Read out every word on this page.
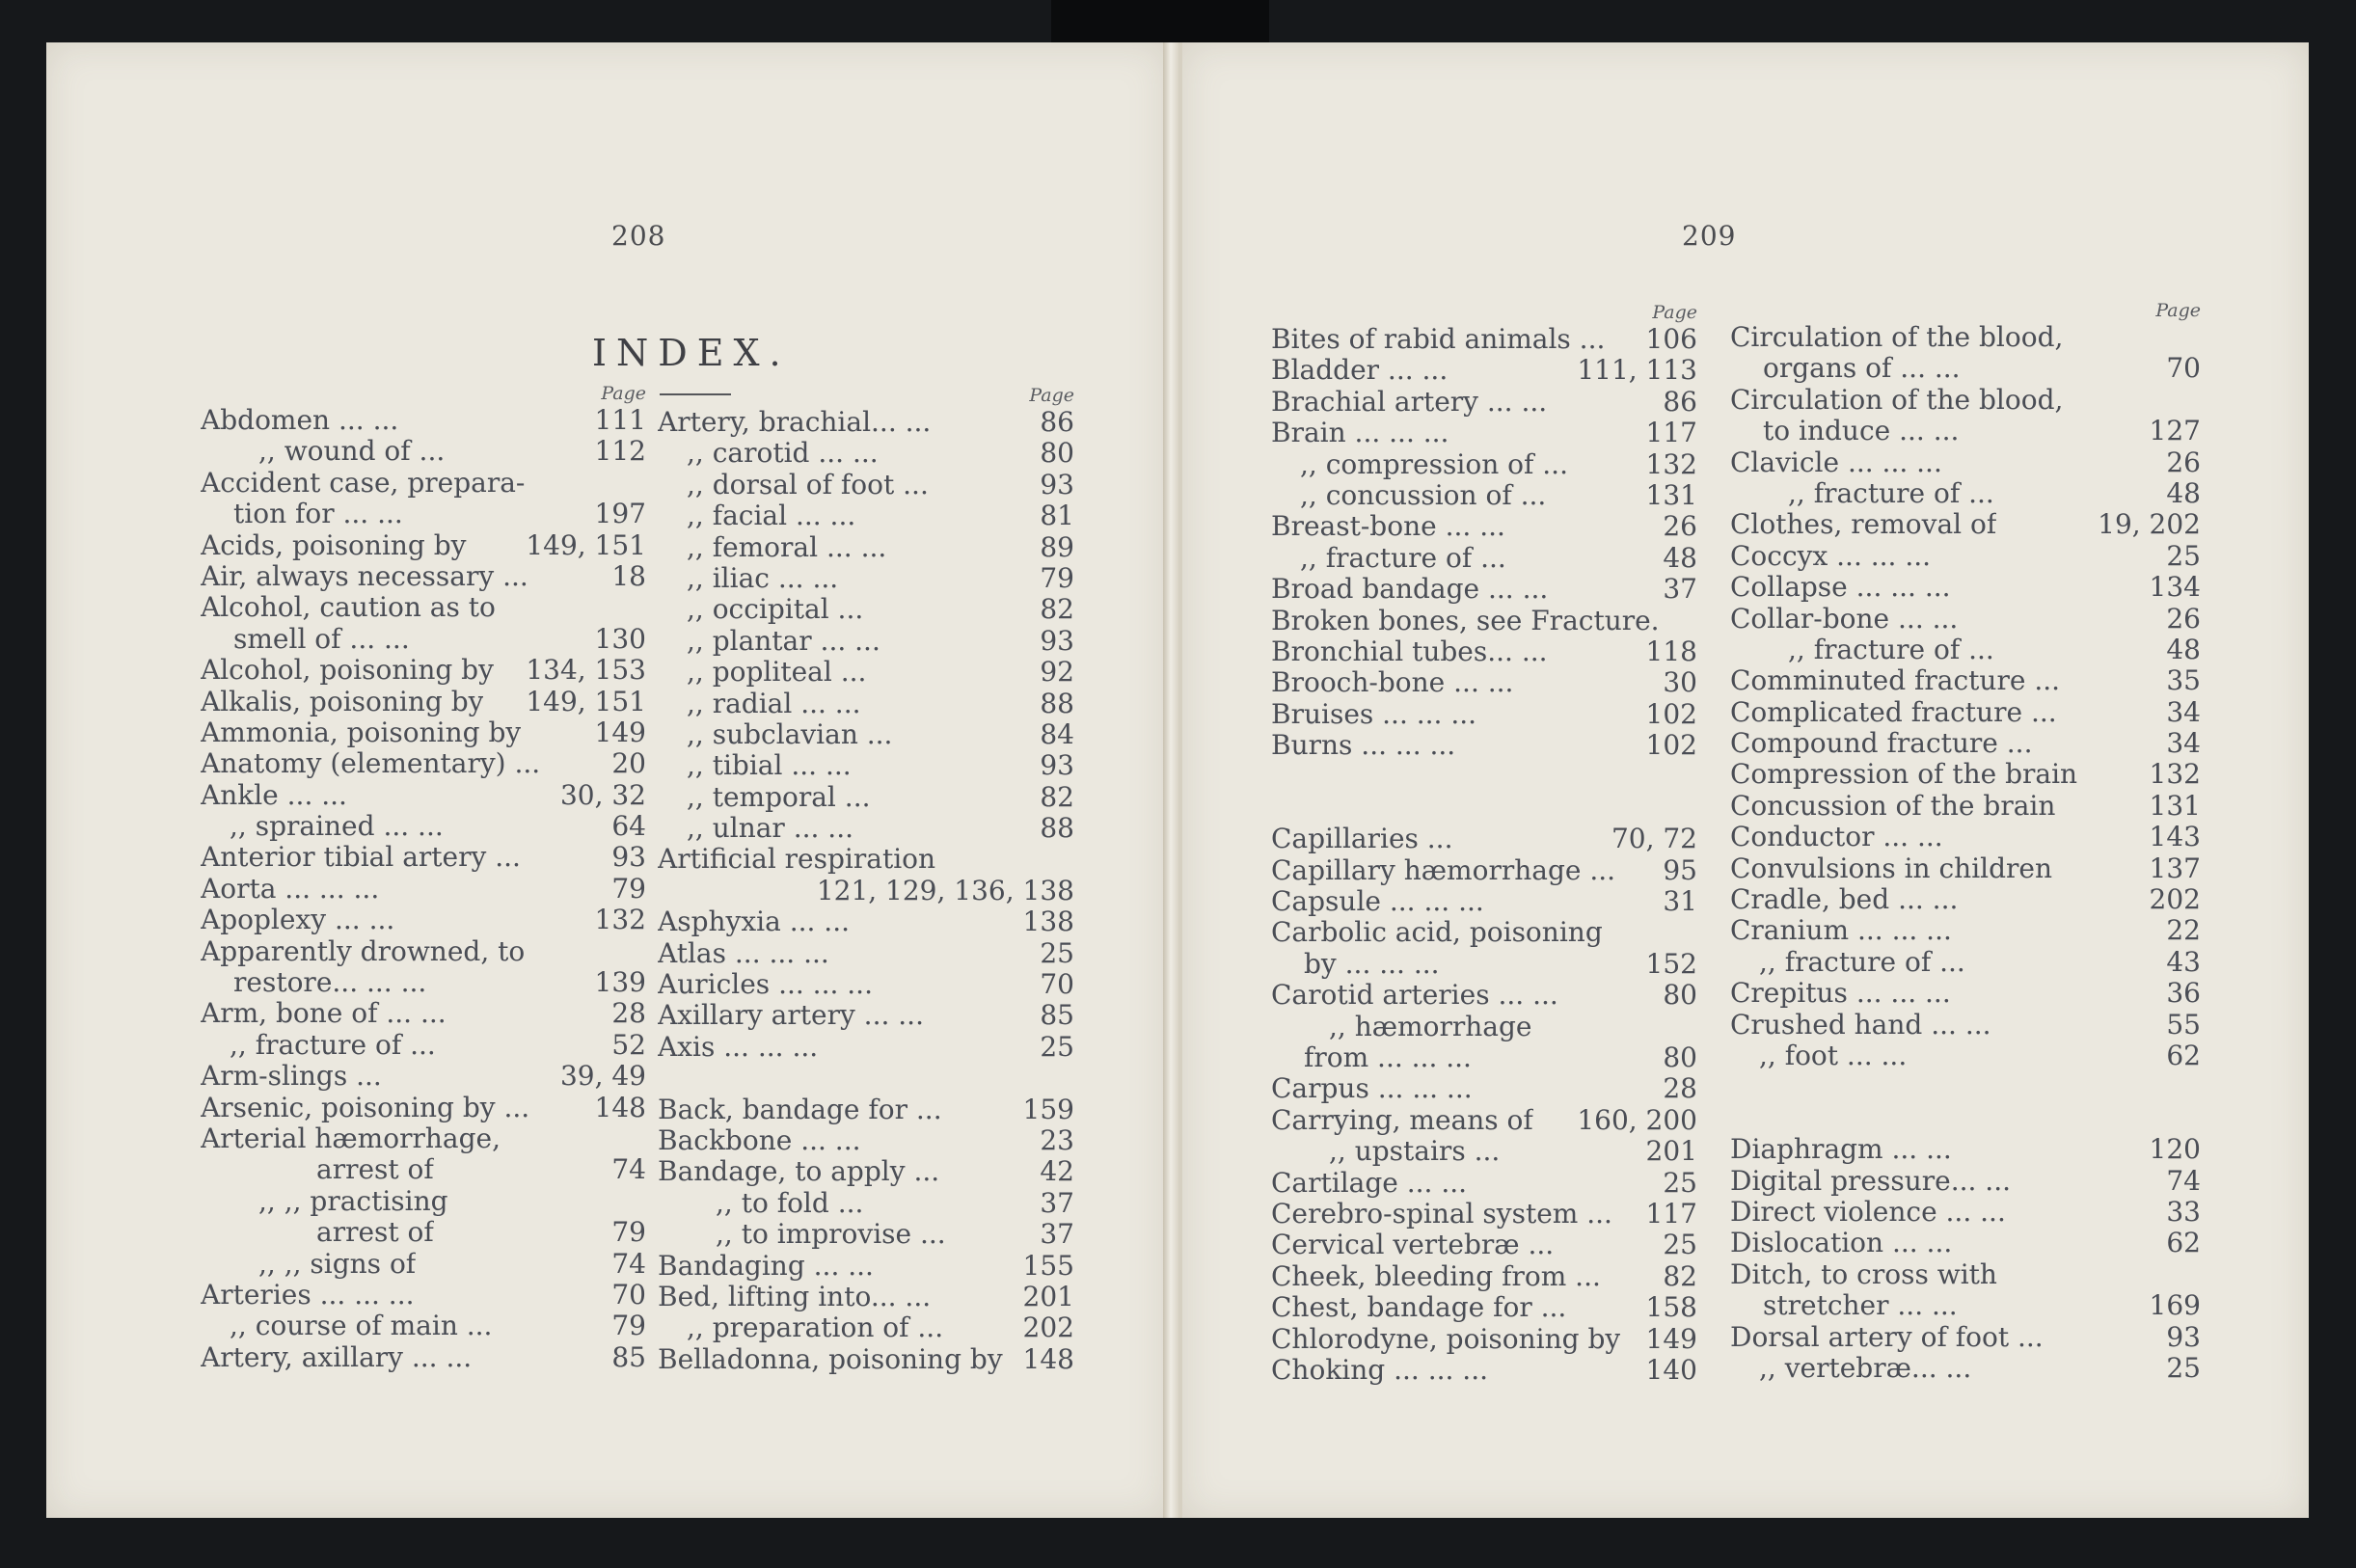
208
INDEX.
Page
Abdomen ... ...	111
,, wound of ...	112
Accident case, prepara-
tion for ... ...	197
Acids, poisoning by	149, 151
Air, always necessary ...	18
Alcohol, caution as to
smell of ... ...	130
Alcohol, poisoning by	134, 153
Alkalis, poisoning by	149, 151
Ammonia, poisoning by	149
Anatomy (elementary) ...	20
Ankle ... ...	30, 32
,, sprained ... ...	64
Anterior tibial artery ...	93
Aorta ... ... ...	79
Apoplexy ... ...	132
Apparently drowned, to
restore... ... ...	139
Arm, bone of ... ...	28
,, fracture of ...	52
Arm-slings ...	39, 49
Arsenic, poisoning by ...	148
Arterial hæmorrhage,
arrest of	74
,, ,, practising
arrest of	79
,, ,, signs of	74
Arteries ... ... ...	70
,, course of main ...	79
Artery, axillary ... ...	85
Page
Artery, brachial... ...	86
,, carotid ... ...	80
,, dorsal of foot ...	93
,, facial ... ...	81
,, femoral ... ...	89
,, iliac ... ...	79
,, occipital ...	82
,, plantar ... ...	93
,, popliteal ...	92
,, radial ... ...	88
,, subclavian ...	84
,, tibial ... ...	93
,, temporal ...	82
,, ulnar ... ...	88
Artificial respiration
121, 129, 136, 138
Asphyxia ... ...	138
Atlas ... ... ...	25
Auricles ... ... ...	70
Axillary artery ... ...	85
Axis ... ... ...	25
Back, bandage for ...	159
Backbone ... ...	23
Bandage, to apply ...	42
,, to fold ...	37
,, to improvise ...	37
Bandaging ... ...	155
Bed, lifting into... ...	201
,, preparation of ...	202
Belladonna, poisoning by 148
209
Page
Bites of rabid animals ...	106
Bladder ... ...	111, 113
Brachial artery ... ...	86
Brain ... ... ...	117
,, compression of ...	132
,, concussion of ...	131
Breast-bone ... ...	26
,, fracture of ...	48
Broad bandage ... ...	37
Broken bones, see Fracture.
Bronchial tubes... ...	118
Brooch-bone ... ...	30
Bruises ... ... ...	102
Burns ... ... ...	102
Capillaries ...	70, 72
Capillary hæmorrhage ...	95
Capsule ... ... ...	31
Carbolic acid, poisoning
by ... ... ...	152
Carotid arteries ... ...	80
,, hæmorrhage
from ... ... ...	80
Carpus ... ... ...	28
Carrying, means of	160, 200
,, upstairs ...	201
Cartilage ... ...	25
Cerebro-spinal system ...	117
Cervical vertebræ ...	25
Cheek, bleeding from ...	82
Chest, bandage for ...	158
Chlorodyne, poisoning by 149
Choking ... ... ...	140
Page
Circulation of the blood,
organs of ... ...	70
Circulation of the blood,
to induce ... ...	127
Clavicle ... ... ...	26
,, fracture of ...	48
Clothes, removal of	19, 202
Coccyx ... ... ...	25
Collapse ... ... ...	134
Collar-bone ... ...	26
,, fracture of ...	48
Comminuted fracture ...	35
Complicated fracture ...	34
Compound fracture ...	34
Compression of the brain	132
Concussion of the brain	131
Conductor ... ...	143
Convulsions in children	137
Cradle, bed ... ...	202
Cranium ... ... ...	22
,, fracture of ...	43
Crepitus ... ... ...	36
Crushed hand ... ...	55
,, foot ... ...	62
Diaphragm ... ...	120
Digital pressure... ...	74
Direct violence ... ...	33
Dislocation ... ...	62
Ditch, to cross with
stretcher ... ...	169
Dorsal artery of foot ...	93
,, vertebræ... ...	25
